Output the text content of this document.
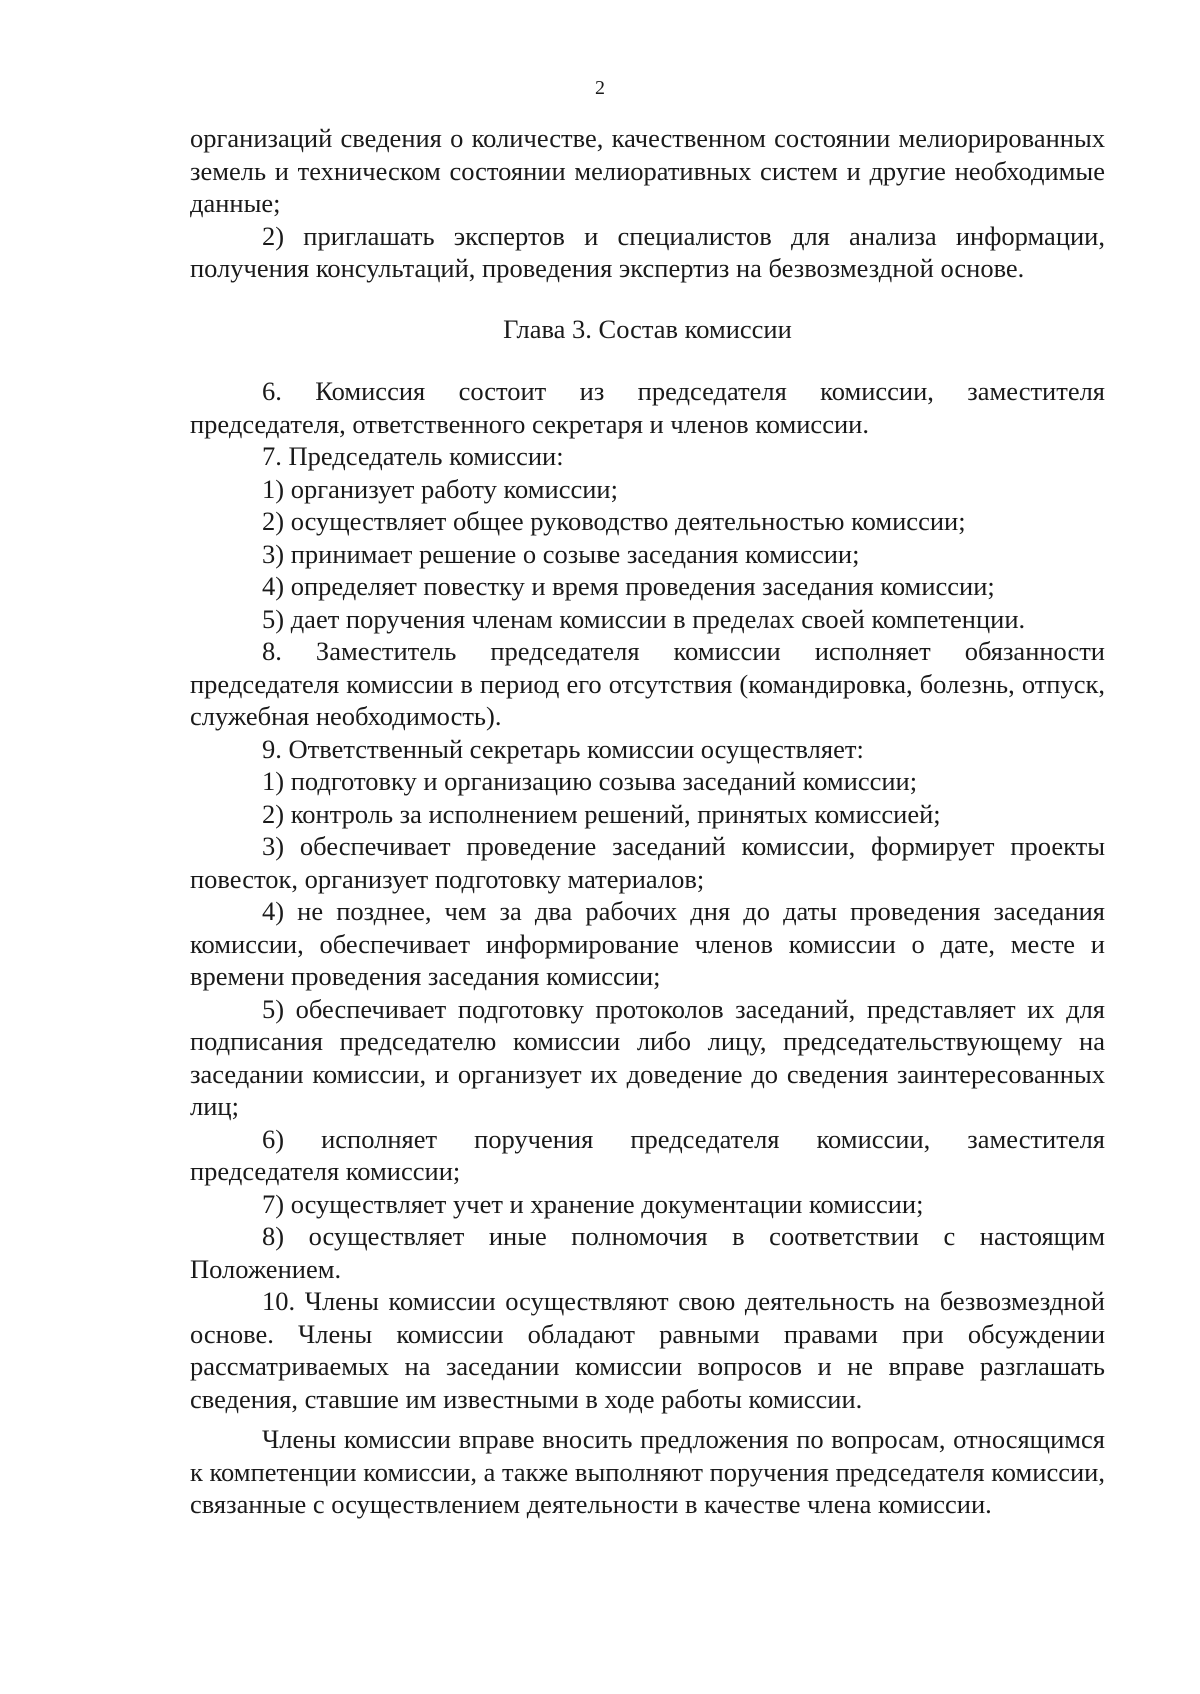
2

организаций сведения о количестве, качественном состоянии мелиорированных земель и техническом состоянии мелиоративных систем и другие необходимые данные;

2) приглашать экспертов и специалистов для анализа информации, получения консультаций, проведения экспертиз на безвозмездной основе.

Глава 3. Состав комиссии

6. Комиссия состоит из председателя комиссии, заместителя председателя, ответственного секретаря и членов комиссии.

7. Председатель комиссии:

1) организует работу комиссии;

2) осуществляет общее руководство деятельностью комиссии;

3) принимает решение о созыве заседания комиссии;

4) определяет повестку и время проведения заседания комиссии;

5) дает поручения членам комиссии в пределах своей компетенции.

8. Заместитель председателя комиссии исполняет обязанности председателя комиссии в период его отсутствия (командировка, болезнь, отпуск, служебная необходимость).

9. Ответственный секретарь комиссии осуществляет:

1) подготовку и организацию созыва заседаний комиссии;

2) контроль за исполнением решений, принятых комиссией;

3) обеспечивает проведение заседаний комиссии, формирует проекты повесток, организует подготовку материалов;

4) не позднее, чем за два рабочих дня до даты проведения заседания комиссии, обеспечивает информирование членов комиссии о дате, месте и времени проведения заседания комиссии;

5) обеспечивает подготовку протоколов заседаний, представляет их для подписания председателю комиссии либо лицу, председательствующему на заседании комиссии, и организует их доведение до сведения заинтересованных лиц;

6) исполняет поручения председателя комиссии, заместителя председателя комиссии;

7) осуществляет учет и хранение документации комиссии;

8) осуществляет иные полномочия в соответствии с настоящим Положением.

10. Члены комиссии осуществляют свою деятельность на безвозмездной основе. Члены комиссии обладают равными правами при обсуждении рассматриваемых на заседании комиссии вопросов и не вправе разглашать сведения, ставшие им известными в ходе работы комиссии.

Члены комиссии вправе вносить предложения по вопросам, относящимся к компетенции комиссии, а также выполняют поручения председателя комиссии, связанные с осуществлением деятельности в качестве члена комиссии.
